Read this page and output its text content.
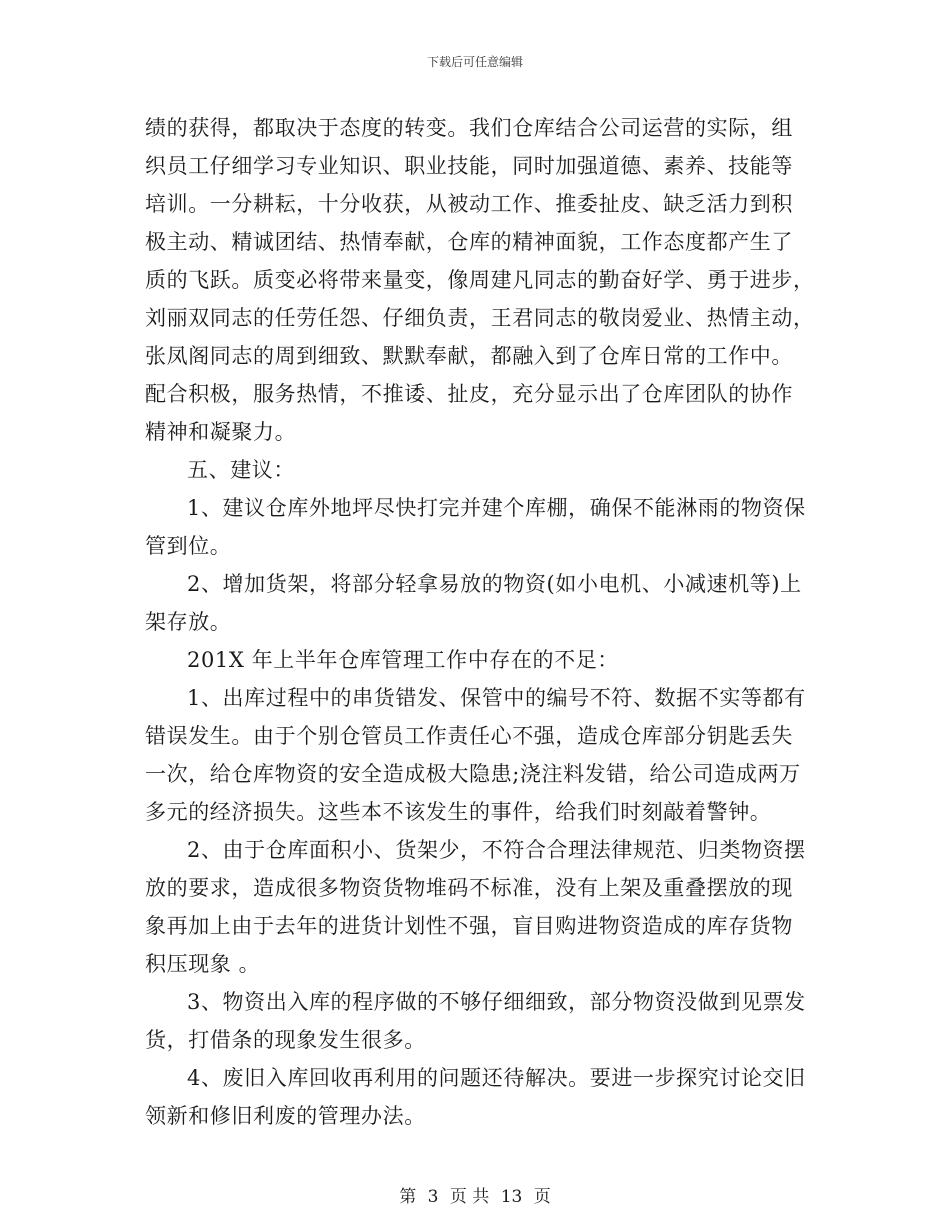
下载后可任意编辑
绩的获得，都取决于态度的转变。我们仓库结合公司运营的实际，组
织员工仔细学习专业知识、职业技能，同时加强道德、素养、技能等
培训。一分耕耘，十分收获，从被动工作、推委扯皮、缺乏活力到积
极主动、精诚团结、热情奉献，仓库的精神面貌，工作态度都产生了
质的飞跃。质变必将带来量变，像周建凡同志的勤奋好学、勇于进步，
刘丽双同志的任劳任怨、仔细负责，王君同志的敬岗爱业、热情主动，
张凤阁同志的周到细致、默默奉献，都融入到了仓库日常的工作中。
配合积极，服务热情，不推诿、扯皮，充分显示出了仓库团队的协作
精神和凝聚力。
五、建议：
1、建议仓库外地坪尽快打完并建个库棚，确保不能淋雨的物资保
管到位。
2、增加货架，将部分轻拿易放的物资(如小电机、小减速机等)上
架存放。
201X 年上半年仓库管理工作中存在的不足：
1、出库过程中的串货错发、保管中的编号不符、数据不实等都有
错误发生。由于个别仓管员工作责任心不强，造成仓库部分钥匙丢失
一次，给仓库物资的安全造成极大隐患;浇注料发错，给公司造成两万
多元的经济损失。这些本不该发生的事件，给我们时刻敲着警钟。
2、由于仓库面积小、货架少，不符合合理法律规范、归类物资摆
放的要求，造成很多物资货物堆码不标准，没有上架及重叠摆放的现
象再加上由于去年的进货计划性不强，盲目购进物资造成的库存货物
积压现象 。
3、物资出入库的程序做的不够仔细细致，部分物资没做到见票发
货，打借条的现象发生很多。
4、废旧入库回收再利用的问题还待解决。要进一步探究讨论交旧
领新和修旧利废的管理办法。
第 3 页 共 13 页
